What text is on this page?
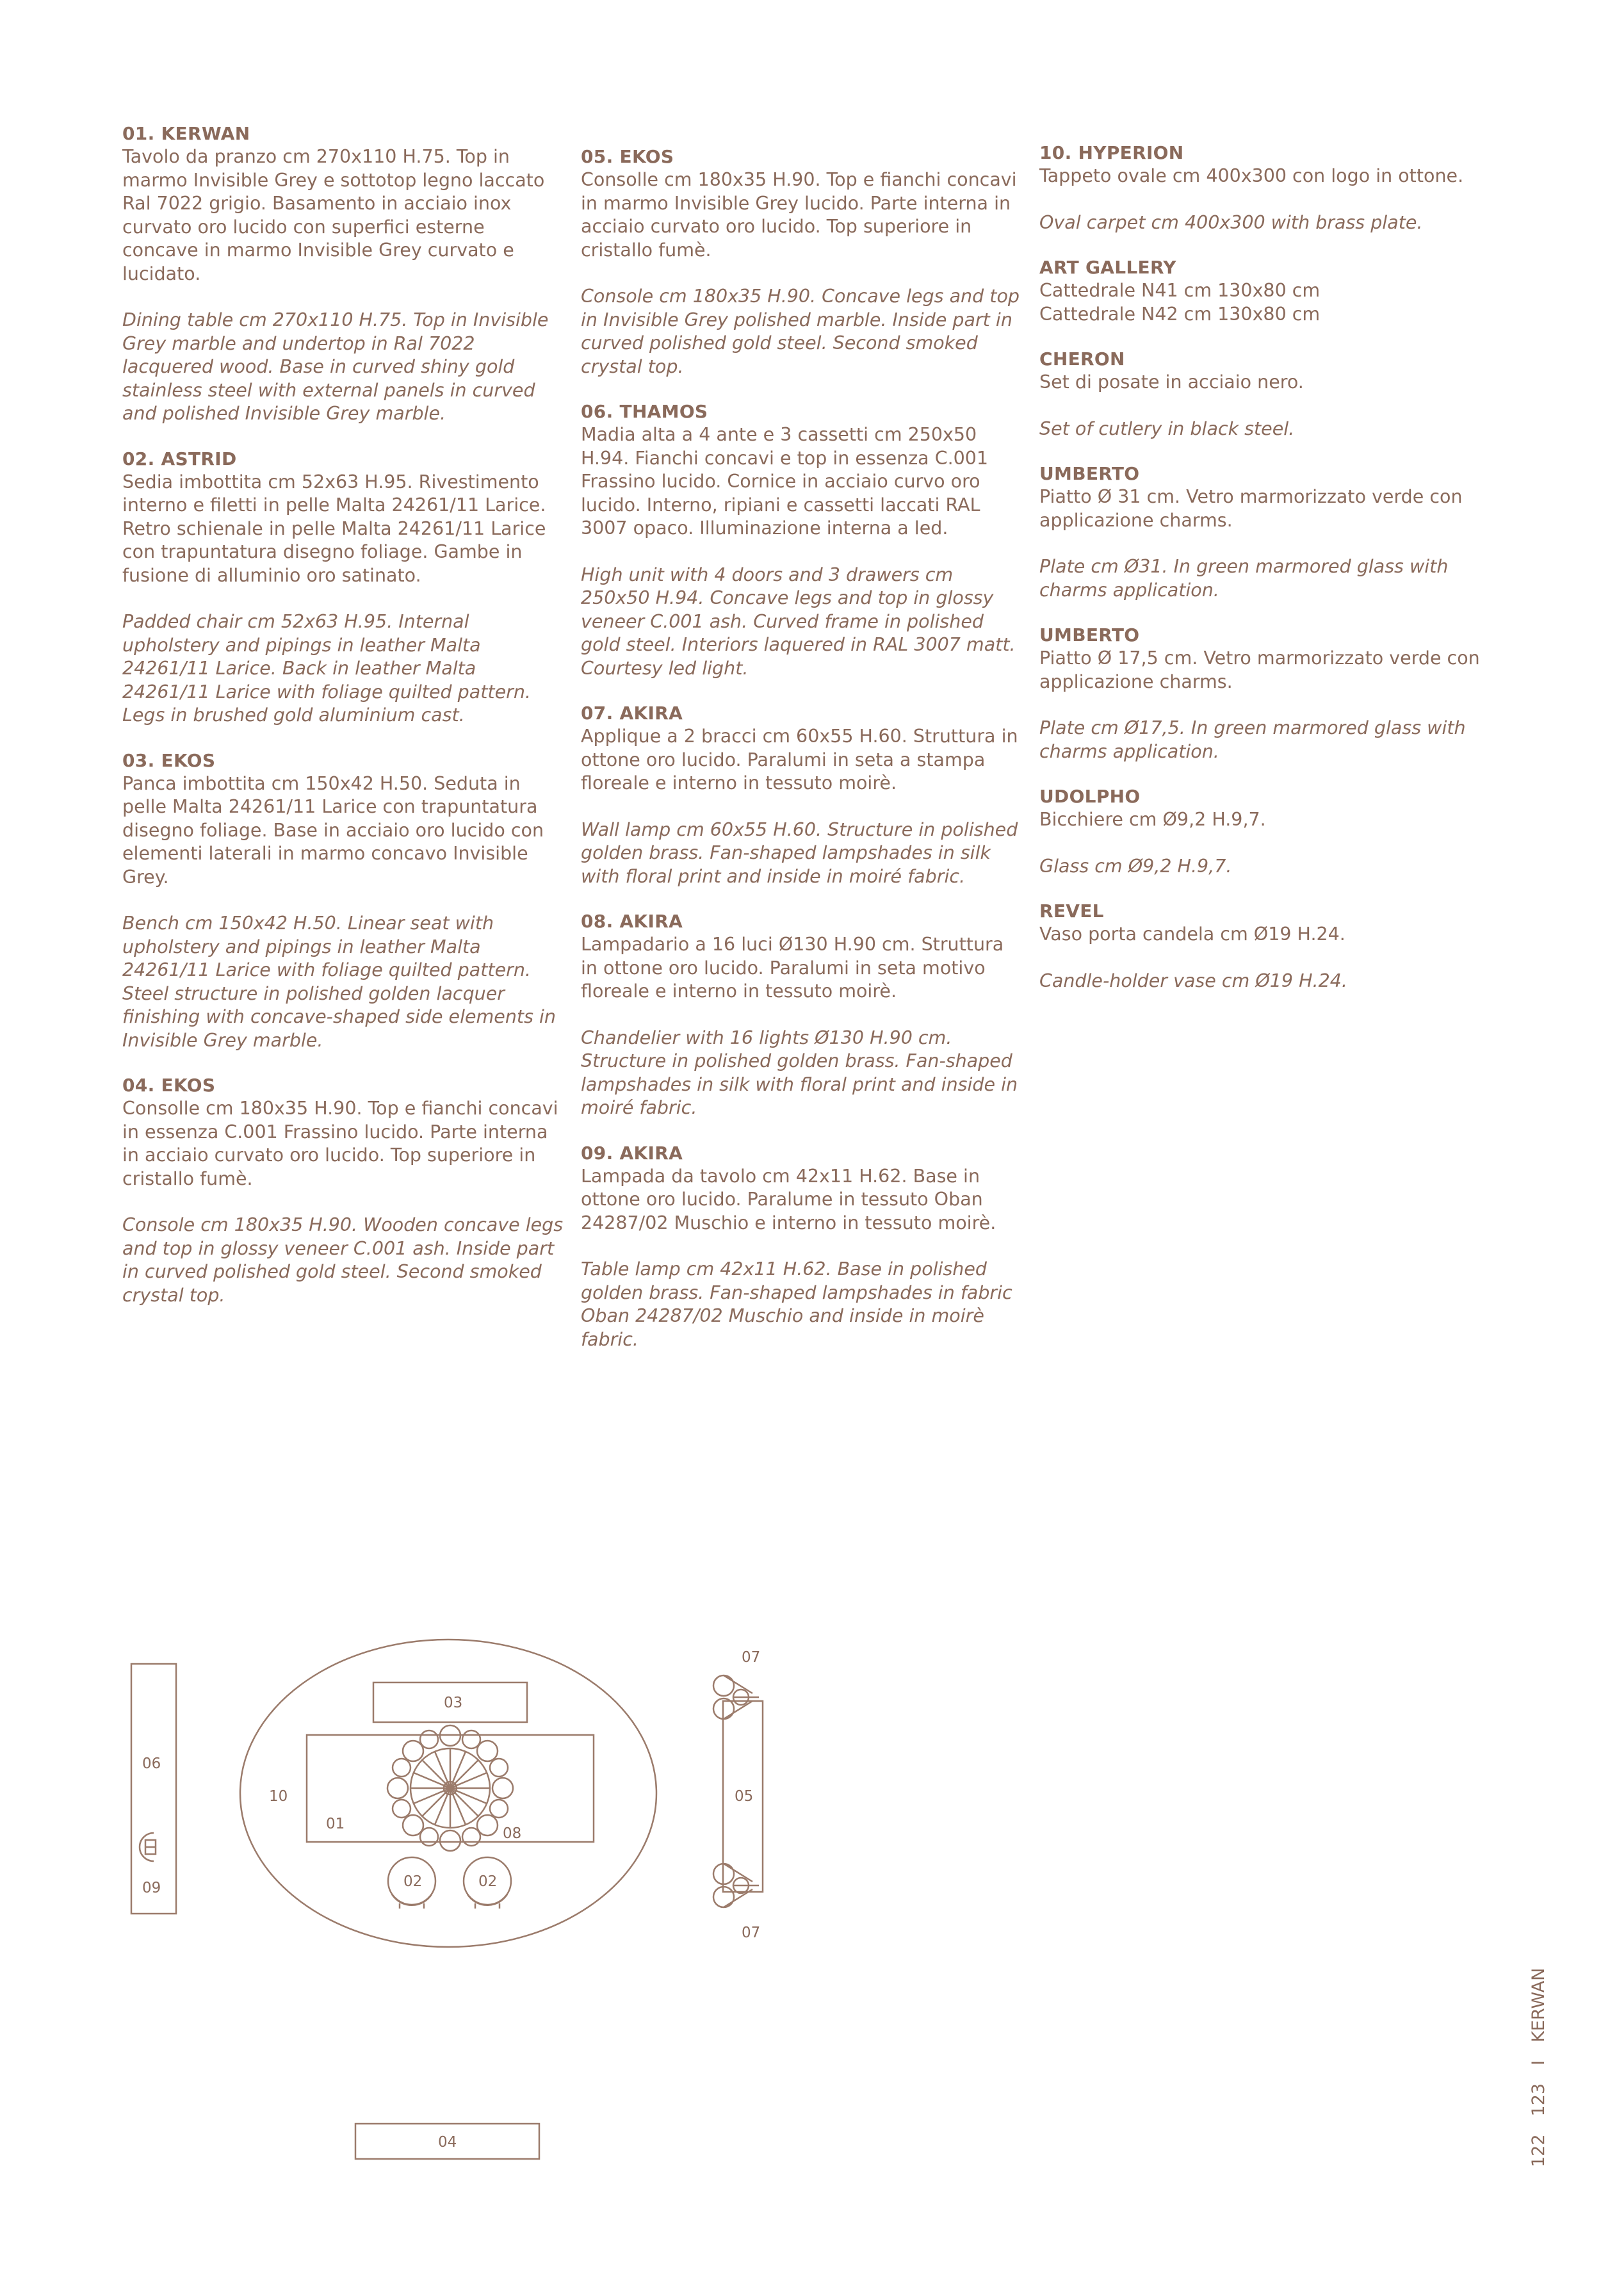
01. KERWAN

Tavolo da pranzo cm 270x110 H.75. Top in marmo Invisible Grey e sottotop legno laccato Ral 7022 grigio. Basamento in acciaio inox curvato oro lucido con superfici esterne concave in marmo Invisible Grey curvato e lucidato.

Dining table cm 270x110 H.75. Top in Invisible Grey marble and undertop in Ral 7022 lacquered wood. Base in curved shiny gold stainless steel with external panels in curved and polished Invisible Grey marble.

02. ASTRID

Sedia imbottita cm 52x63 H.95. Rivestimento interno e filetti in pelle Malta 24261/11 Larice. Retro schienale in pelle Malta 24261/11 Larice con trapuntatura disegno foliage. Gambe in fusione di alluminio oro satinato.

Padded chair cm 52x63 H.95. Internal upholstery and pipings in leather Malta 24261/11 Larice. Back in leather Malta 24261/11 Larice with foliage quilted pattern. Legs in brushed gold aluminium cast.

03. EKOS

Panca imbottita cm 150x42 H.50. Seduta in pelle Malta 24261/11 Larice con trapuntatura disegno foliage. Base in acciaio oro lucido con elementi laterali in marmo concavo Invisible Grey.

Bench cm 150x42 H.50. Linear seat with upholstery and pipings in leather Malta 24261/11 Larice with foliage quilted pattern. Steel structure in polished golden lacquer finishing with concave-shaped side elements in Invisible Grey marble.

04. EKOS

Consolle cm 180x35 H.90. Top e fianchi concavi in essenza C.001 Frassino lucido. Parte interna in acciaio curvato oro lucido. Top superiore in cristallo fumè.

Console cm 180x35 H.90. Wooden concave legs and top in glossy veneer C.001 ash. Inside part in curved polished gold steel. Second smoked crystal top.

05. EKOS

Consolle cm 180x35 H.90. Top e fianchi concavi in marmo Invisible Grey lucido. Parte interna in acciaio curvato oro lucido. Top superiore in cristallo fumè.

Console cm 180x35 H.90. Concave legs and top in Invisible Grey polished marble. Inside part in curved polished gold steel. Second smoked crystal top.

06. THAMOS

Madia alta a 4 ante e 3 cassetti cm 250x50 H.94. Fianchi concavi e top in essenza C.001 Frassino lucido. Cornice in acciaio curvo oro lucido. Interno, ripiani e cassetti laccati RAL 3007 opaco. Illuminazione interna a led.

High unit with 4 doors and 3 drawers cm 250x50 H.94. Concave legs and top in glossy veneer C.001 ash. Curved frame in polished gold steel. Interiors laquered in RAL 3007 matt. Courtesy led light.

07. AKIRA

Applique a 2 bracci cm 60x55 H.60. Struttura in ottone oro lucido. Paralumi in seta a stampa floreale e interno in tessuto moirè.

Wall lamp cm 60x55 H.60. Structure in polished golden brass. Fan-shaped lampshades in silk with floral print and inside in moiré fabric.

08. AKIRA

Lampadario a 16 luci Ø130 H.90 cm. Struttura in ottone oro lucido. Paralumi in seta motivo floreale e interno in tessuto moirè.

Chandelier with 16 lights Ø130 H.90 cm. Structure in polished golden brass. Fan-shaped lampshades in silk with floral print and inside in moiré fabric.

09. AKIRA

Lampada da tavolo cm 42x11 H.62. Base in ottone oro lucido. Paralume in tessuto Oban 24287/02 Muschio e interno in tessuto moirè.

Table lamp cm 42x11 H.62. Base in polished golden brass. Fan-shaped lampshades in fabric Oban 24287/02 Muschio and inside in moirè fabric.

10. HYPERION

Tappeto ovale cm 400x300 con logo in ottone.

Oval carpet cm 400x300 with brass plate.

ART GALLERY

Cattedrale N41 cm 130x80 cm
Cattedrale N42 cm 130x80 cm

CHERON

Set di posate in acciaio nero.

Set of cutlery in black steel.

UMBERTO

Piatto Ø 31 cm. Vetro marmorizzato verde con applicazione charms.

Plate cm Ø31. In green marmored glass with charms application.

UMBERTO

Piatto Ø 17,5 cm. Vetro marmorizzato verde con applicazione charms.

Plate cm Ø17,5. In green marmored glass with charms application.

UDOLPHO

Bicchiere cm Ø9,2 H.9,7.

Glass cm Ø9,2 H.9,7.

REVEL

Vaso porta candela cm Ø19 H.24.

Candle-holder vase cm Ø19 H.24.

06
09
10
03
01
08
02	02
05
07
07
04	122123IKERWAN
